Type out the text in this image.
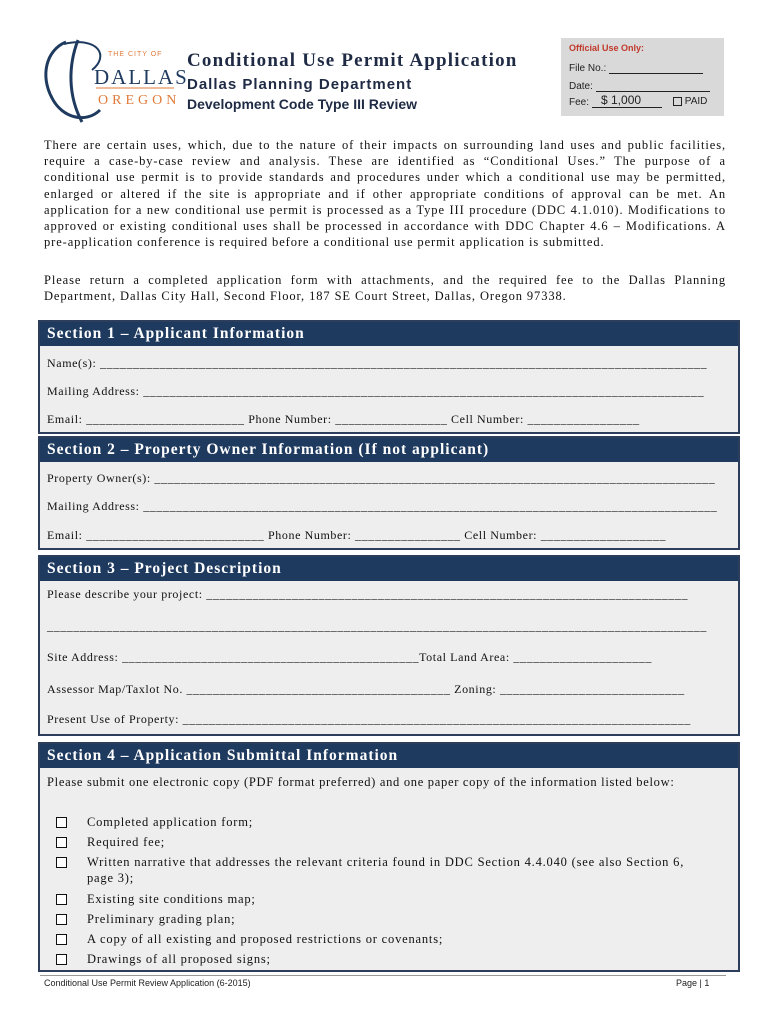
THE CITY OF
DALLAS
OREGON
Conditional Use Permit Application
Dallas Planning Department
Development Code Type III Review
Official Use Only:
File No.:
Date:
Fee: $ 1,000	PAID
There are certain uses, which, due to the nature of their impacts on surrounding land uses and public facilities, require a case-by-case review and analysis. These are identified as “Conditional Uses.” The purpose of a conditional use permit is to provide standards and procedures under which a conditional use may be permitted, enlarged or altered if the site is appropriate and if other appropriate conditions of approval can be met. An application for a new conditional use permit is processed as a Type III procedure (DDC 4.1.010). Modifications to approved or existing conditional uses shall be processed in accordance with DDC Chapter 4.6 – Modifications. A pre-application conference is required before a conditional use permit application is submitted.
Please return a completed application form with attachments, and the required fee to the Dallas Planning Department, Dallas City Hall, Second Floor, 187 SE Court Street, Dallas, Oregon 97338.
Section 1 – Applicant Information
Name(s): ____________________________________________________________________________________________
Mailing Address: _____________________________________________________________________________________
Email: ________________________ Phone Number: _________________ Cell Number: _________________
Section 2 – Property Owner Information (If not applicant)
Property Owner(s): _____________________________________________________________________________________
Mailing Address: _______________________________________________________________________________________
Email: ___________________________ Phone Number: ________________ Cell Number: ___________________
Section 3 – Project Description
Please describe your project: _________________________________________________________________________
____________________________________________________________________________________________________
Site Address: _____________________________________________Total Land Area: _____________________
Assessor Map/Taxlot No. ________________________________________ Zoning: ____________________________
Present Use of Property: _____________________________________________________________________________
Section 4 – Application Submittal Information
Please submit one electronic copy (PDF format preferred) and one paper copy of the information listed below:
Completed application form;
Required fee;
Written narrative that addresses the relevant criteria found in DDC Section 4.4.040 (see also Section 6, page 3);
Existing site conditions map;
Preliminary grading plan;
A copy of all existing and proposed restrictions or covenants;
Drawings of all proposed signs;
Conditional Use Permit Review Application (6-2015)	Page | 1
